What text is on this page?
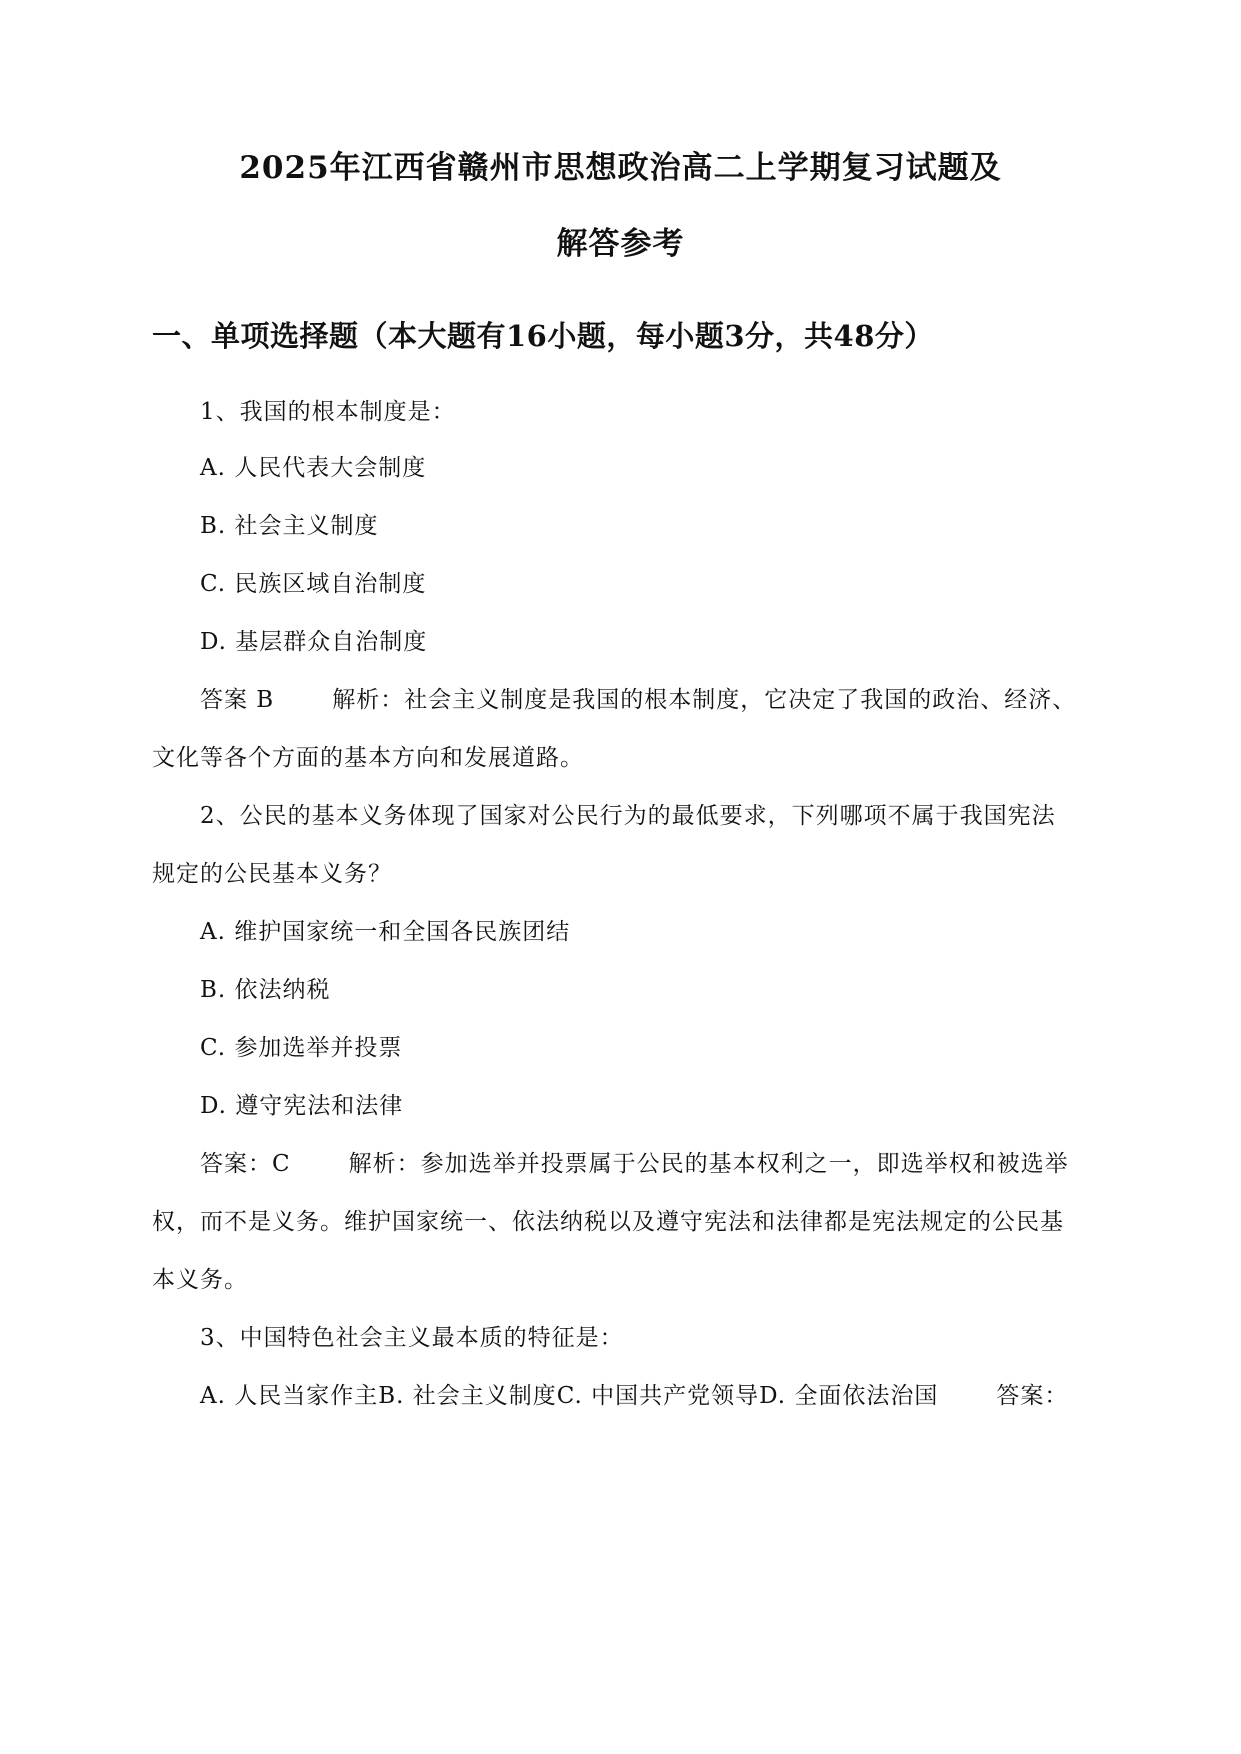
2025年江西省赣州市思想政治高二上学期复习试题及
解答参考
一、单项选择题（本大题有16小题，每小题3分，共48分）
1、我国的根本制度是：
A. 人民代表大会制度
B. 社会主义制度
C. 民族区域自治制度
D. 基层群众自治制度
答案 B	解析：社会主义制度是我国的根本制度，它决定了我国的政治、经济、
文化等各个方面的基本方向和发展道路。
2、公民的基本义务体现了国家对公民行为的最低要求，下列哪项不属于我国宪法
规定的公民基本义务？
A. 维护国家统一和全国各民族团结
B. 依法纳税
C. 参加选举并投票
D. 遵守宪法和法律
答案：C	解析：参加选举并投票属于公民的基本权利之一，即选举权和被选举
权，而不是义务。维护国家统一、依法纳税以及遵守宪法和法律都是宪法规定的公民基
本义务。
3、中国特色社会主义最本质的特征是：
A. 人民当家作主B. 社会主义制度C. 中国共产党领导D. 全面依法治国	答案：
